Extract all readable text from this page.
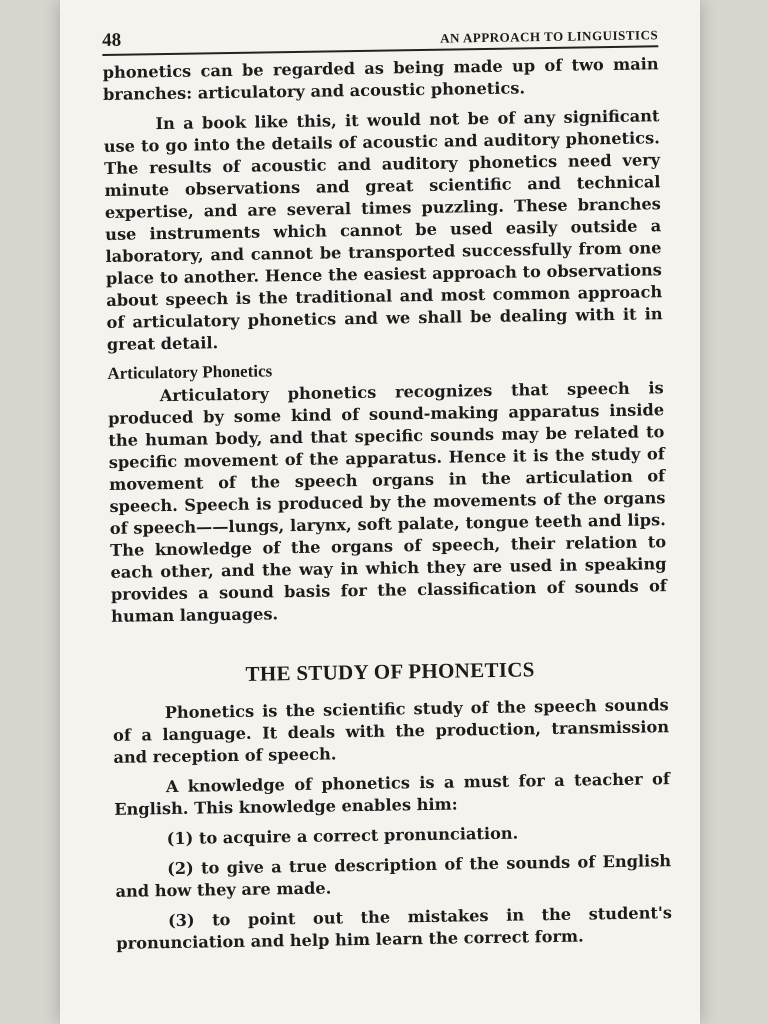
48	AN APPROACH TO LINGUISTICS

phonetics can be regarded as being made up of two main branches: articulatory and acoustic phonetics.

In a book like this, it would not be of any significant use to go into the details of acoustic and auditory phonetics. The results of acoustic and auditory phonetics need very minute observations and great scientific and technical expertise, and are several times puzzling. These branches use instruments which cannot be used easily outside a laboratory, and cannot be transported successfully from one place to another. Hence the easiest approach to observations about speech is the traditional and most common approach of articulatory phonetics and we shall be dealing with it in great detail.

Articulatory Phonetics

Articulatory phonetics recognizes that speech is produced by some kind of sound-making apparatus inside the human body, and that specific sounds may be related to specific movement of the apparatus. Hence it is the study of movement of the speech organs in the articulation of speech. Speech is produced by the movements of the organs of speech——lungs, larynx, soft palate, tongue teeth and lips. The knowledge of the organs of speech, their relation to each other, and the way in which they are used in speaking provides a sound basis for the classification of sounds of human languages.

THE STUDY OF PHONETICS

Phonetics is the scientific study of the speech sounds of a language. It deals with the production, transmission and reception of speech.

A knowledge of phonetics is a must for a teacher of English. This knowledge enables him:

(1) to acquire a correct pronunciation.

(2) to give a true description of the sounds of English and how they are made.

(3) to point out the mistakes in the student's pronunciation and help him learn the correct form.
